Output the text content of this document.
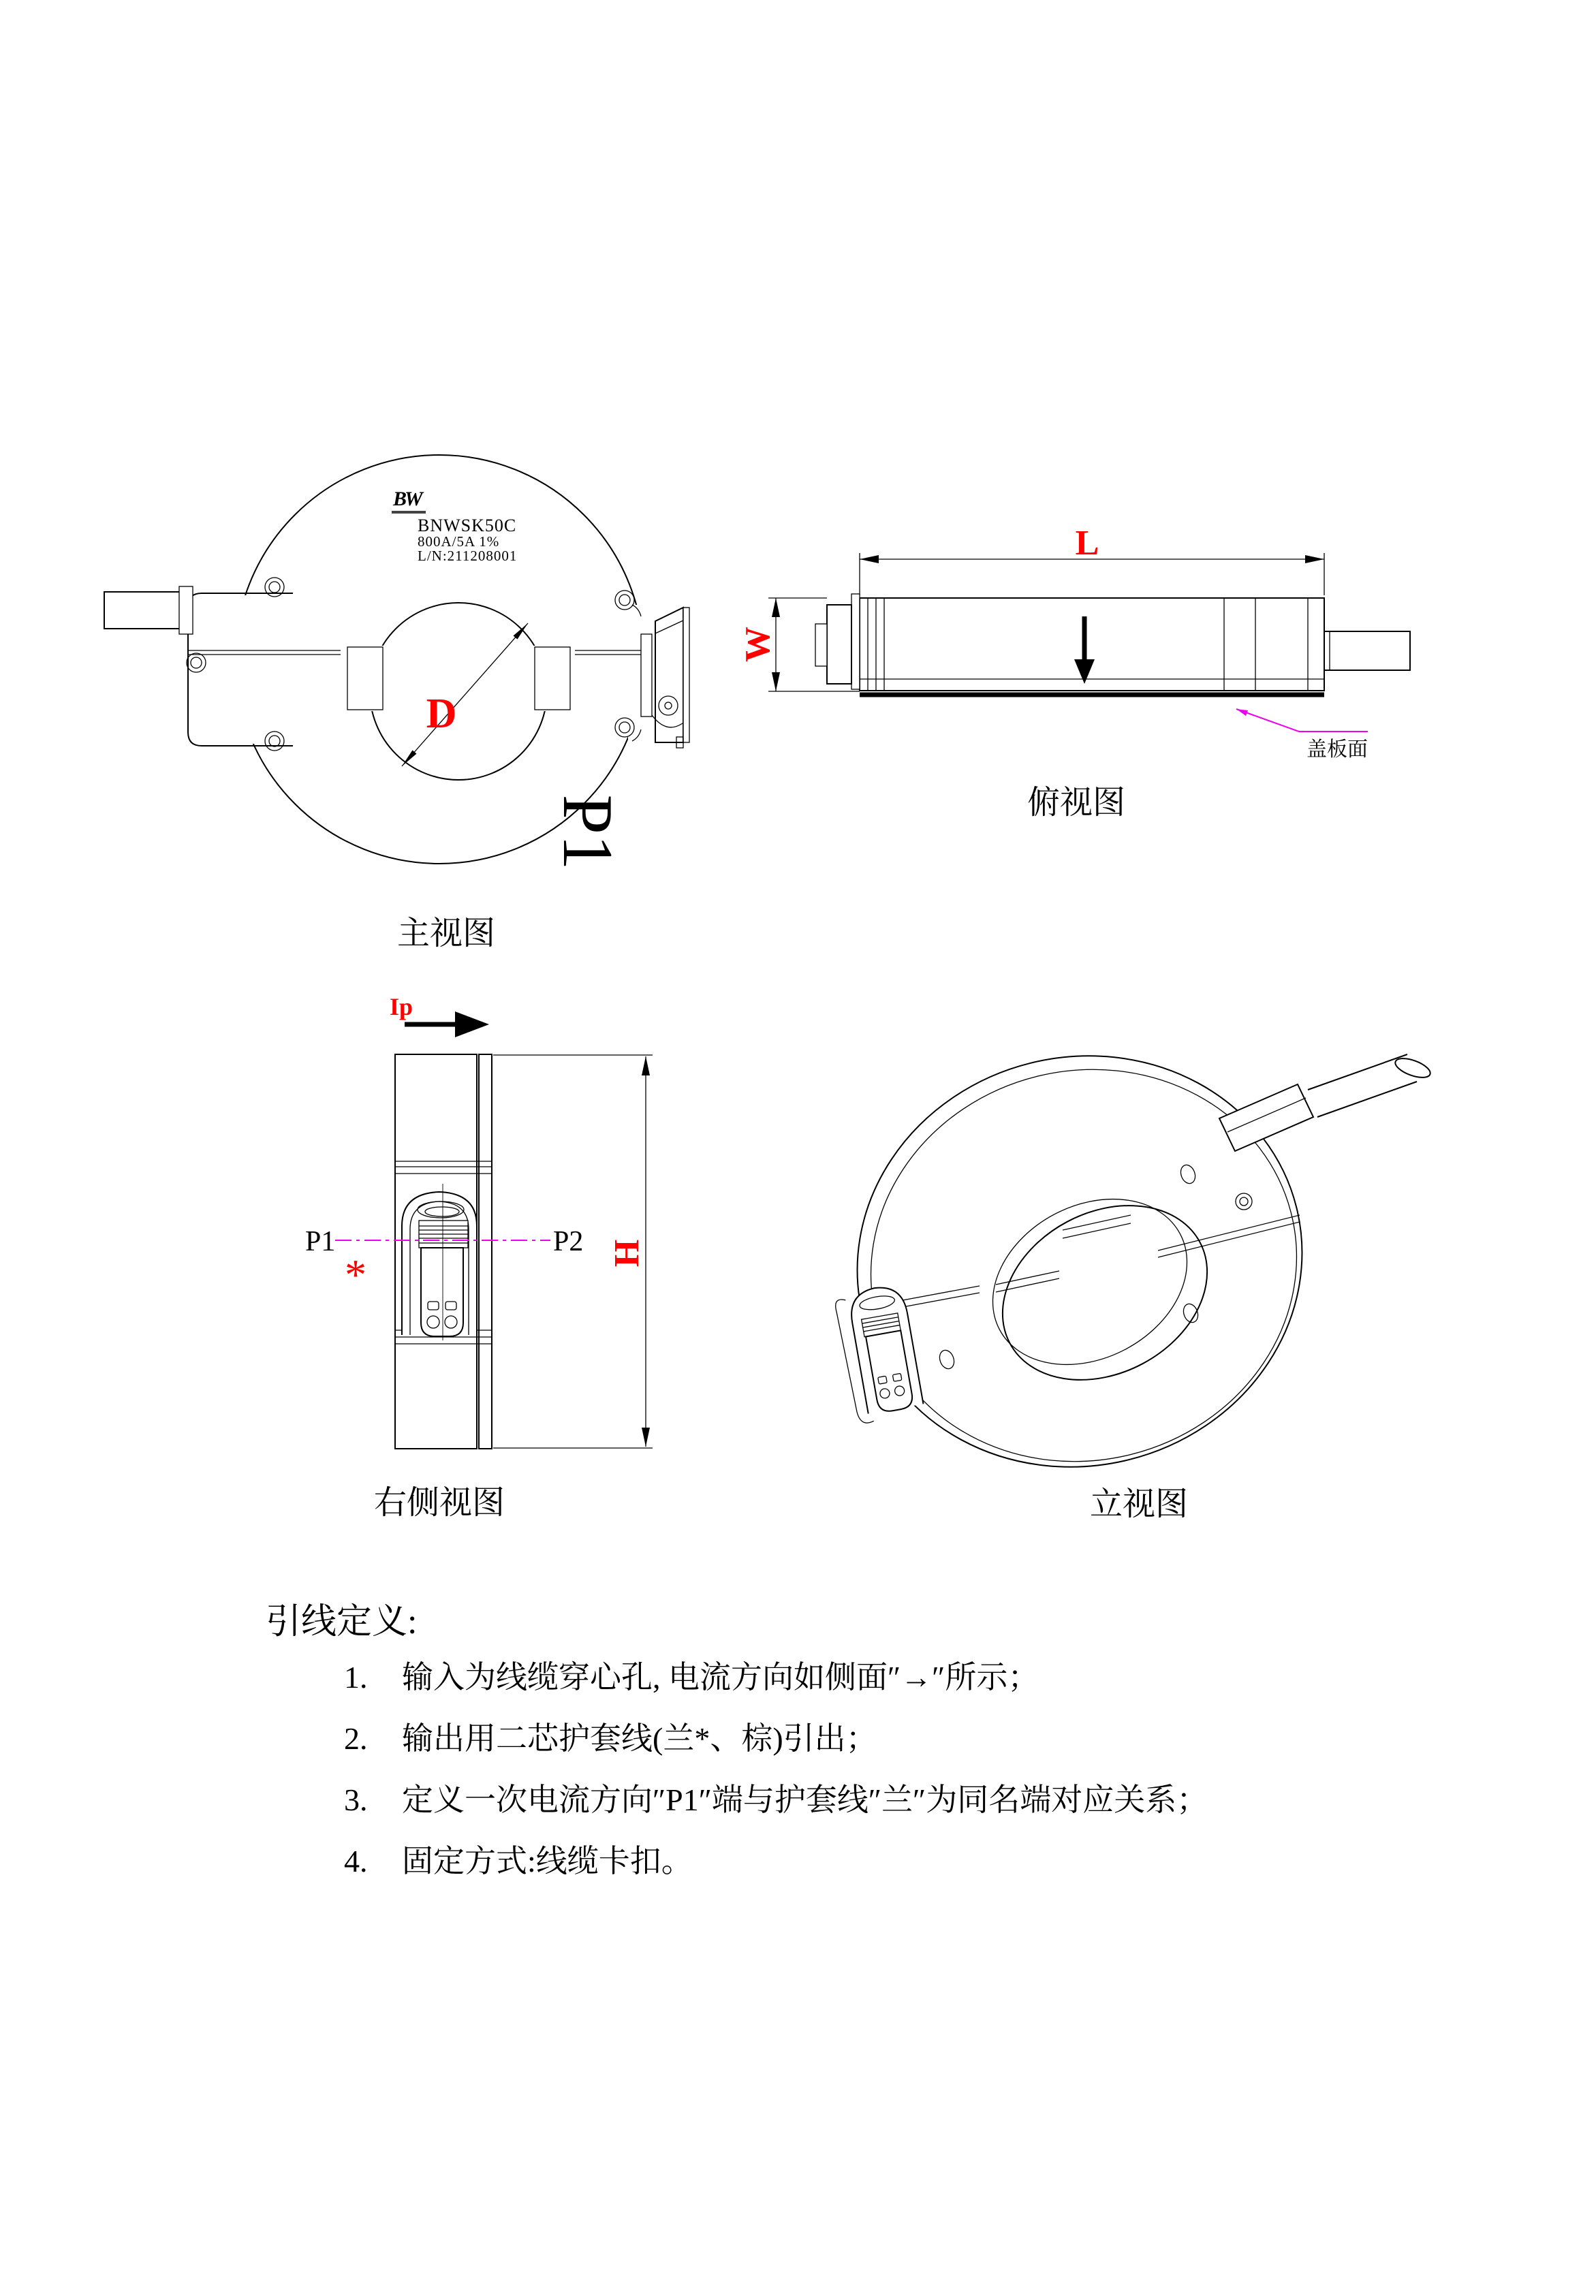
D
BW
BNWSK50C
800A/5A 1%
L/N:211208001
P1
主视图
L
W
盖板面
俯视图
Ip
P1	P2
*	H
右侧视图	立视图
引线定义:
1. 输入为线缆穿心孔, 电流方向如侧面″→″所示；
2. 输出用二芯护套线(兰*、棕)引出；
3. 定义一次电流方向″P1″端与护套线″兰″为同名端对应关系；
4. 固定方式:线缆卡扣。
